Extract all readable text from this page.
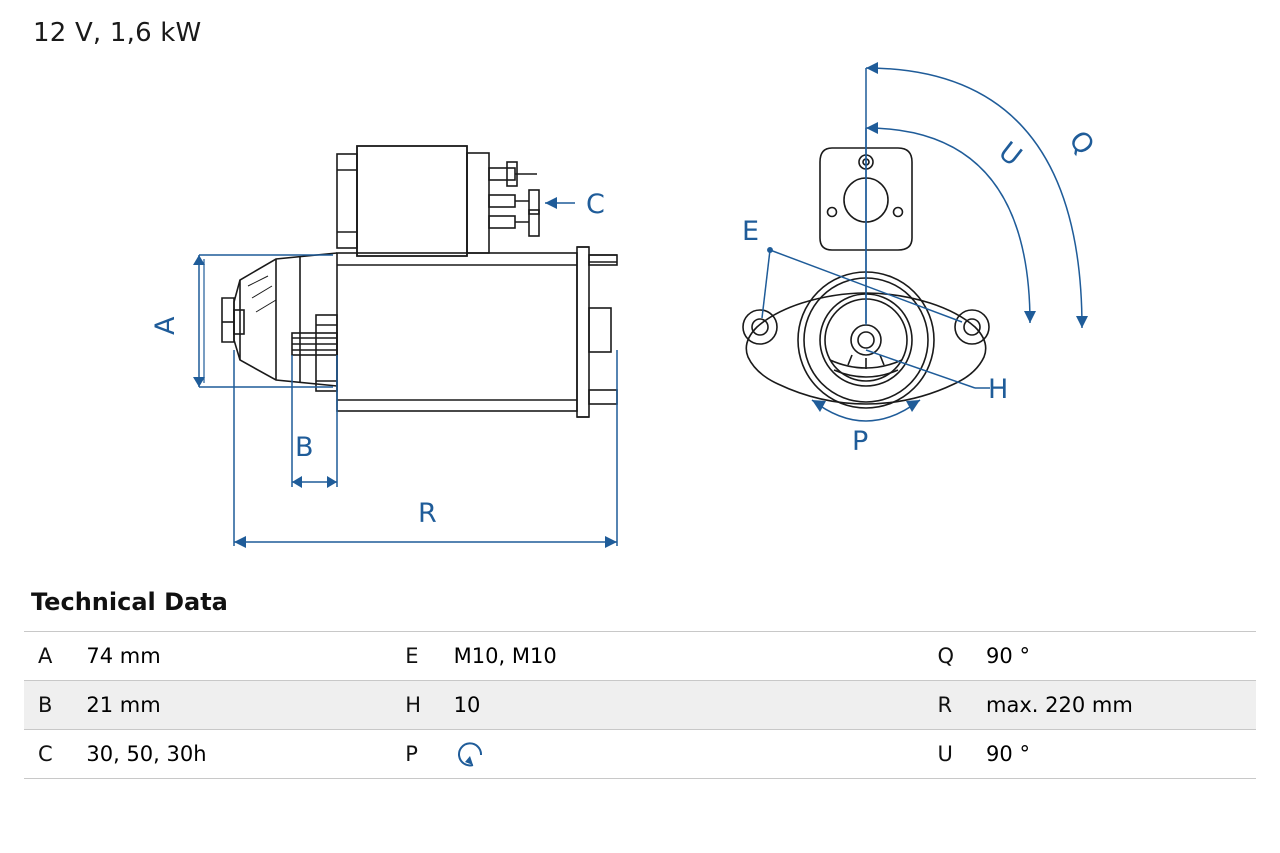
12 V, 1,6 kW
A
B
C
R
E
H
P
U Q
Technical Data
A	74 mm	E	M10, M10	Q	90 °
B	21 mm	H	10	R	max. 220 mm
C	30, 50, 30h	P		U	90 °
